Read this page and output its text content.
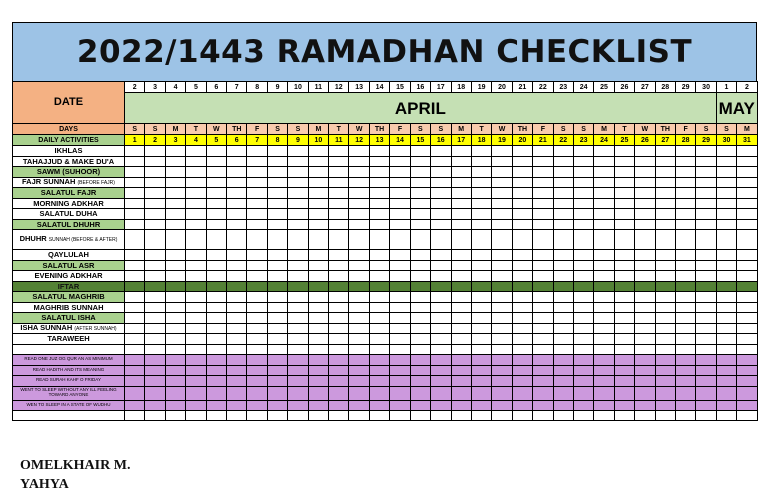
2022/1443 RAMADHAN CHECKLIST
DATE	2	3	4	5	6	7	8	9	10	11	12	13	14	15	16	17	18	19	20	21	22	23	24	25	26	27	28	29	30	1	2
	APRIL																													MAY	
DAYS	S	S	M	T	W	TH	F	S	S	M	T	W	TH	F	S	S	M	T	W	TH	F	S	S	M	T	W	TH	F	S	S	M
DAILY ACTIVITIES	1	2	3	4	5	6	7	8	9	10	11	12	13	14	15	16	17	18	19	20	21	22	23	24	25	26	27	28	29	30	31
IKHLAS																															
TAHAJJUD & MAKE DU'A																															
SAWM (SUHOOR)																															
FAJR SUNNAH (BEFORE FAJR)																															
SALATUL FAJR																															
MORNING ADKHAR																															
SALATUL DUHA																															
SALATUL DHUHR																															
DHUHR SUNNAH (BEFORE & AFTER)																															
QAYLULAH																															
SALATUL ASR																															
EVENING ADKHAR																															
IFTAR																															
SALATUL MAGHRIB																															
MAGHRIB SUNNAH																															
SALATUL ISHA																															
ISHA SUNNAH (AFTER SUNNAH)																															
TARAWEEH																															

READ ONE JUZ OG QUR AN AS MINIMUM																															
READ HADITH AND ITS MEANING																															
READ SURAH KAHF O FRIDAY																															
WENT TO SLEEP WITHOUT ANY ILL FEELING TOWARD ANYONE																															
WEN TO SLEEP IN A STATE OF WUDHU																															

OMELKHAIR M.
YAHYA
